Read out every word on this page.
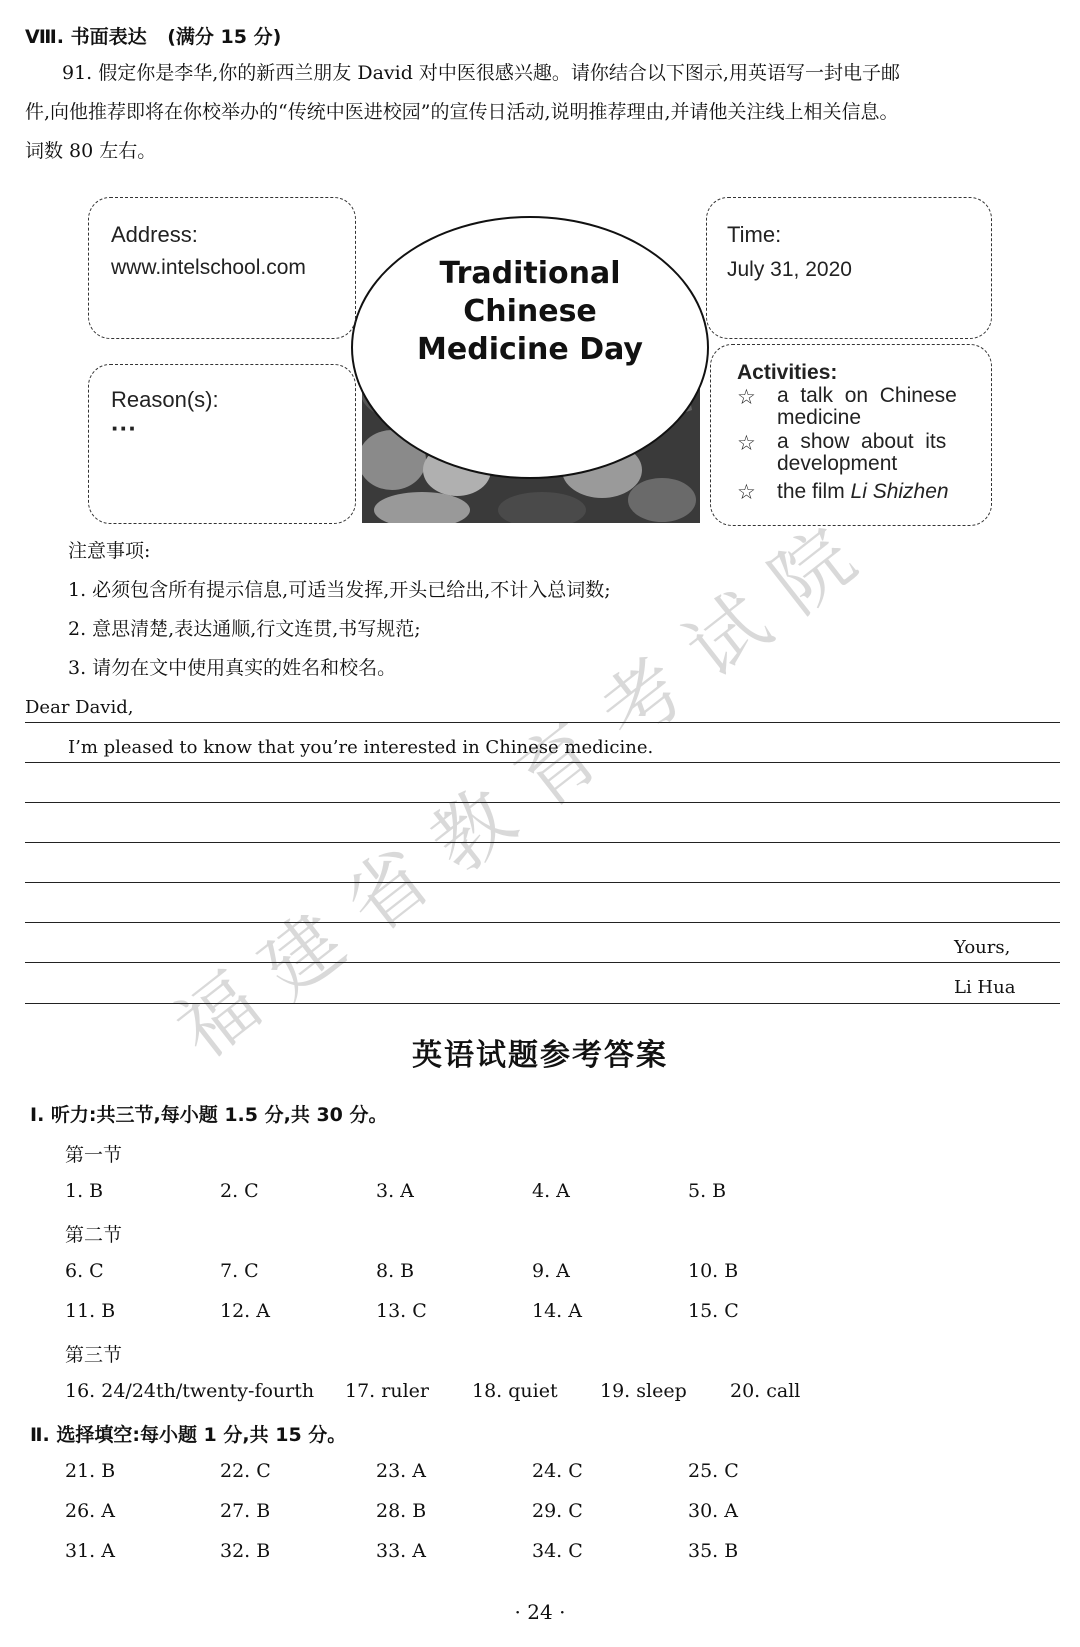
福
建
省
教
育
考
试
院
Ⅷ. 书面表达 (满分 15 分)
91. 假定你是李华,你的新西兰朋友 David 对中医很感兴趣。请你结合以下图示,用英语写一封电子邮
件,向他推荐即将在你校举办的“传统中医进校园”的宣传日活动,说明推荐理由,并请他关注线上相关信息。
词数 80 左右。
Traditional
Chinese
Medicine Day
Address:
www.intelschool.com
Reason(s):
···
Time:
July 31, 2020
Activities:
☆ a  talk  on  Chinese
medicine
☆ a  show  about  its
development
☆ the film Li Shizhen
注意事项:
1. 必须包含所有提示信息,可适当发挥,开头已给出,不计入总词数;
2. 意思清楚,表达通顺,行文连贯,书写规范;
3. 请勿在文中使用真实的姓名和校名。
Dear David,
I’m pleased to know that you’re interested in Chinese medicine.
Yours,
Li Hua
英语试题参考答案
Ⅰ. 听力:共三节,每小题 1.5 分,共 30 分。
第一节
1. B	2. C	3. A	4. A	5. B
第二节
6. C	7. C	8. B	9. A	10. B
11. B	12. A	13. C	14. A	15. C
第三节
16. 24/24th/twenty-fourth 17. ruler 18. quiet 19. sleep 20. call
Ⅱ. 选择填空:每小题 1 分,共 15 分。
21. B	22. C	23. A	24. C	25. C
26. A	27. B	28. B	29. C	30. A
31. A	32. B	33. A	34. C	35. B
· 24 ·
